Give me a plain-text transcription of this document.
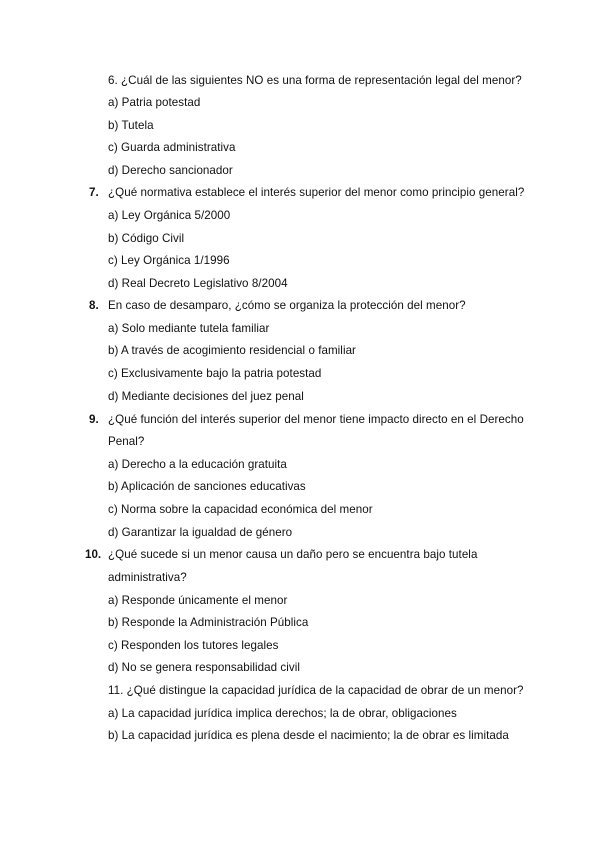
6. ¿Cuál de las siguientes NO es una forma de representación legal del menor?
a) Patria potestad
b) Tutela
c) Guarda administrativa
d) Derecho sancionador
7. ¿Qué normativa establece el interés superior del menor como principio general?
a) Ley Orgánica 5/2000
b) Código Civil
c) Ley Orgánica 1/1996
d) Real Decreto Legislativo 8/2004
8. En caso de desamparo, ¿cómo se organiza la protección del menor?
a) Solo mediante tutela familiar
b) A través de acogimiento residencial o familiar
c) Exclusivamente bajo la patria potestad
d) Mediante decisiones del juez penal
9. ¿Qué función del interés superior del menor tiene impacto directo en el Derecho
Penal?
a) Derecho a la educación gratuita
b) Aplicación de sanciones educativas
c) Norma sobre la capacidad económica del menor
d) Garantizar la igualdad de género
10. ¿Qué sucede si un menor causa un daño pero se encuentra bajo tutela
administrativa?
a) Responde únicamente el menor
b) Responde la Administración Pública
c) Responden los tutores legales
d) No se genera responsabilidad civil
11. ¿Qué distingue la capacidad jurídica de la capacidad de obrar de un menor?
a) La capacidad jurídica implica derechos; la de obrar, obligaciones
b) La capacidad jurídica es plena desde el nacimiento; la de obrar es limitada
